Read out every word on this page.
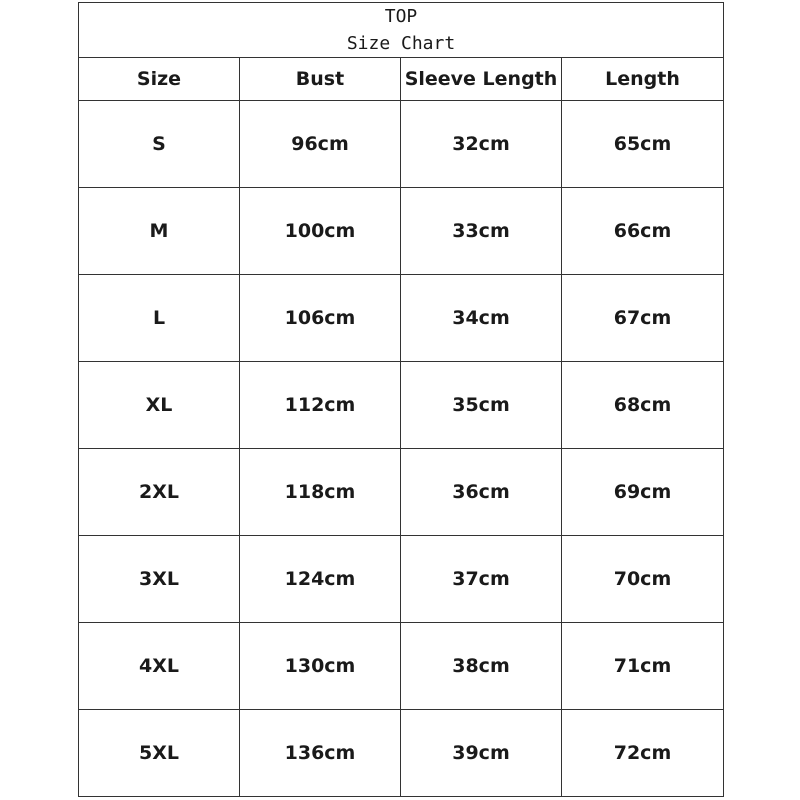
TOP
Size Chart			

Size	Bust	Sleeve Length	Length
S	96cm	32cm	65cm
M	100cm	33cm	66cm
L	106cm	34cm	67cm
XL	112cm	35cm	68cm
2XL	118cm	36cm	69cm
3XL	124cm	37cm	70cm
4XL	130cm	38cm	71cm
5XL	136cm	39cm	72cm
